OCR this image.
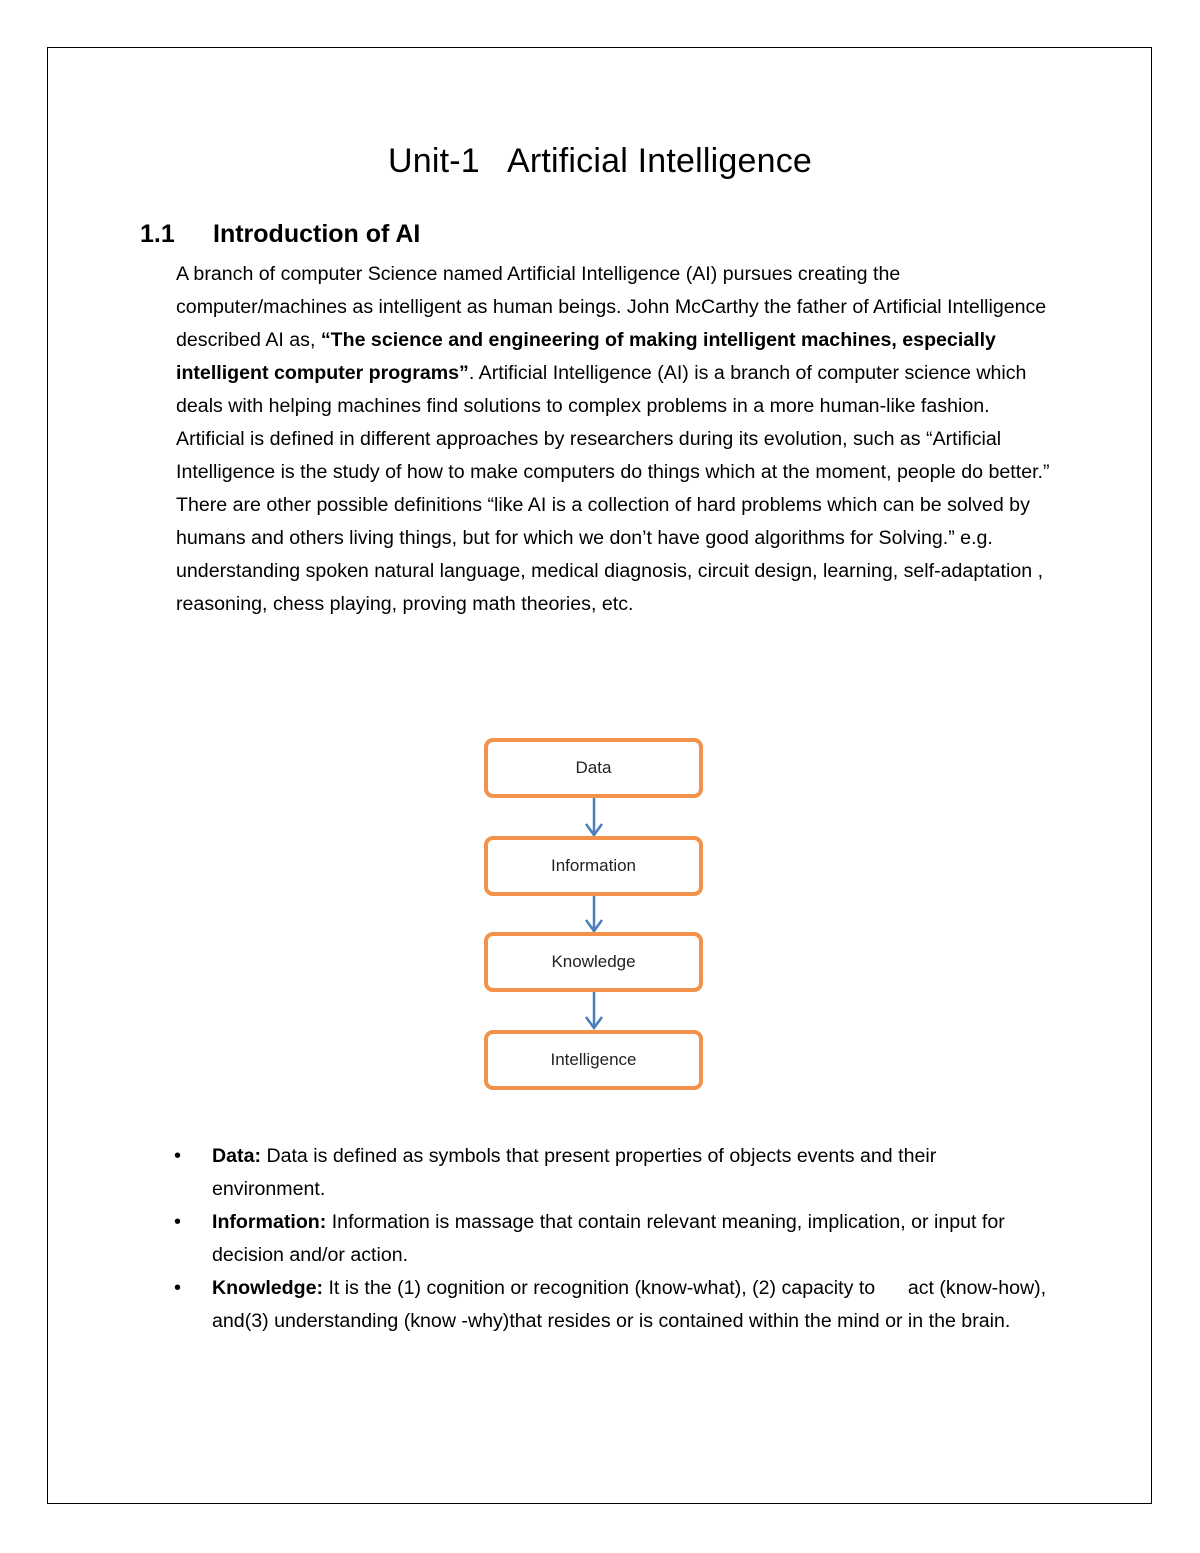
Unit-1   Artificial Intelligence
1.1 Introduction of AI

A branch of computer Science named Artificial Intelligence (AI) pursues creating the computer/machines as intelligent as human beings. John McCarthy the father of Artificial Intelligence described AI as, “The science and engineering of making intelligent machines, especially intelligent computer programs”. Artificial Intelligence (AI) is a branch of computer science which deals with helping machines find solutions to complex problems in a more human-like fashion.

Artificial is defined in different approaches by researchers during its evolution, such as “Artificial Intelligence is the study of how to make computers do things which at the moment, people do better.”

There are other possible definitions “like AI is a collection of hard problems which can be solved by humans and others living things, but for which we don’t have good algorithms for Solving.” e.g. understanding spoken natural language, medical diagnosis, circuit design, learning, self-adaptation , reasoning, chess playing, proving math theories, etc.

Data
Information
Knowledge
Intelligence
• Data: Data is defined as symbols that present properties of objects events and their environment.
• Information: Information is massage that contain relevant meaning, implication, or input for decision and/or action.
• Knowledge: It is the (1) cognition or recognition (know-what), (2) capacity to      act (know-how), and(3) understanding (know -why)that resides or is contained within the mind or in the brain.
